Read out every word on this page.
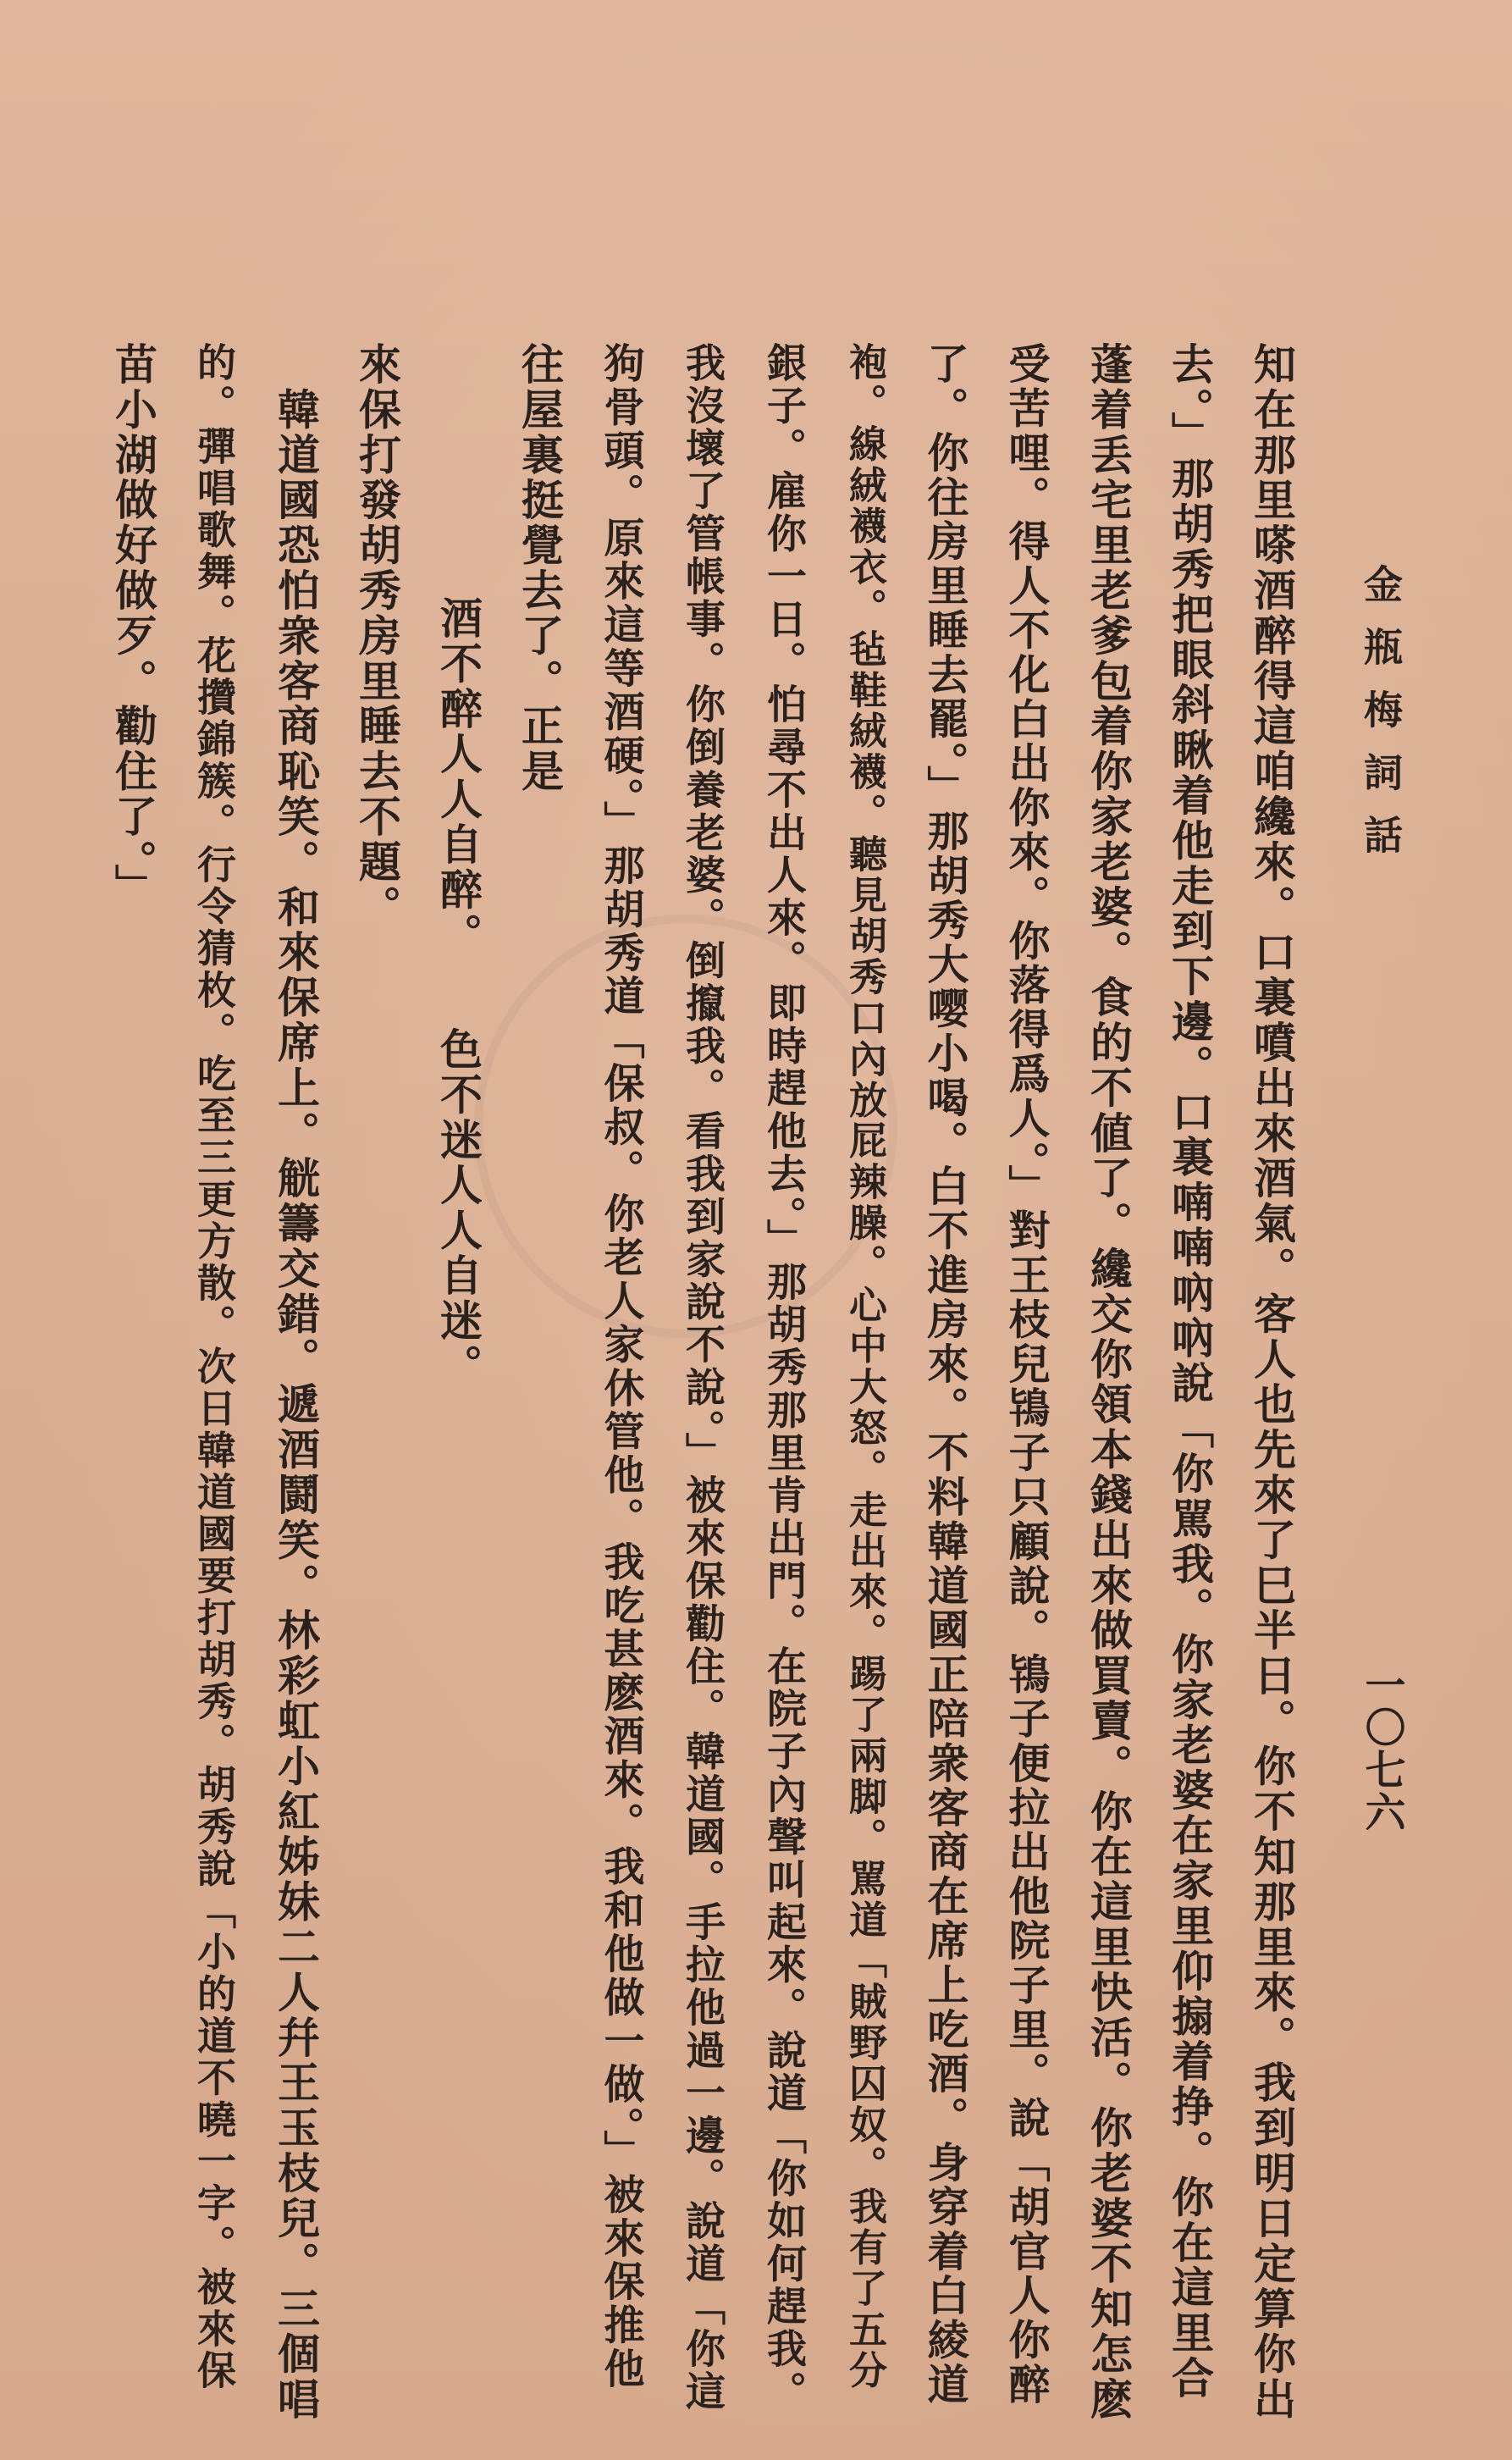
金瓶梅詞話
一〇七六
知在那里嗏酒醉得這咱纔來。口裏噴出來酒氣。客人也先來了巳半日。你不知那里來。我到明日定算你出
去。」那胡秀把眼斜瞅着他走到下邊。口裏喃喃吶吶說「你駡我。你家老婆在家里仰搧着挣。你在這里合
蓬着丢宅里老爹包着你家老婆。食的不値了。纔交你領本錢出來做買賣。你在這里快活。你老婆不知怎麽
受苦哩。得人不化白出你來。你落得爲人。」對王枝兒鴇子只顧說。鴇子便拉出他院子里。說「胡官人你醉
了。你往房里睡去罷。」那胡秀大嘤小喝。白不進房來。不料韓道國正陪衆客商在席上吃酒。身穿着白綾道
袍。線絨襪衣。毡鞋絨襪。聽見胡秀口內放屁辣臊。心中大怒。走出來。踢了兩脚。駡道「賊野囚奴。我有了五分
銀子。雇你一日。怕尋不出人來。即時趕他去。」那胡秀那里肯出門。在院子內聲叫起來。說道「你如何趕我。
我沒壞了管帳事。你倒養老婆。倒攛我。看我到家說不說。」被來保勸住。韓道國。手拉他過一邊。說道「你這
狗骨頭。原來這等酒硬。」那胡秀道「保叔。你老人家休管他。我吃甚麽酒來。我和他做一做。」被來保推他
往屋裏挺覺去了。正是
酒不醉人人自醉。　　色不迷人人自迷。
來保打發胡秀房里睡去不題。
　韓道國恐怕衆客商恥笑。和來保席上。觥籌交錯。遞酒鬪笑。林彩虹小紅姊妹二人幷王玉枝兒。三個唱
的。彈唱歌舞。花攢錦簇。行令猜枚。吃至三更方散。次日韓道國要打胡秀。胡秀說「小的道不曉一字。被來保
苗小湖做好做歹。勸住了。」
